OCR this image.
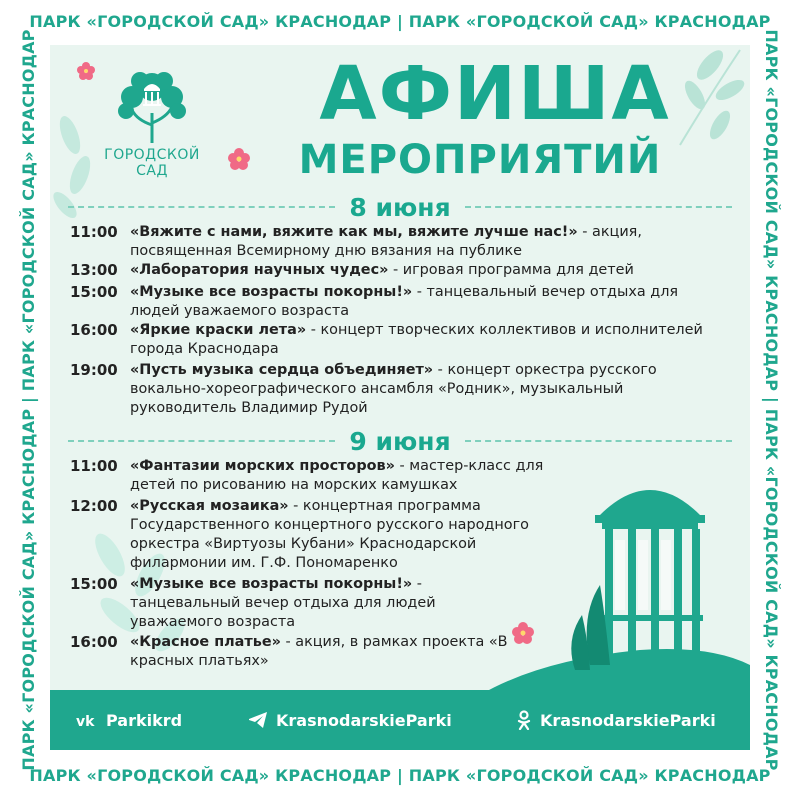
ПАРК «ГОРОДСКОЙ САД» КРАСНОДАР | ПАРК «ГОРОДСКОЙ САД» КРАСНОДАР
ПАРК «ГОРОДСКОЙ САД» КРАСНОДАР | ПАРК «ГОРОДСКОЙ САД» КРАСНОДАР
ПАРК «ГОРОДСКОЙ САД» КРАСНОДАР | ПАРК «ГОРОДСКОЙ САД» КРАСНОДАР	ПАРК «ГОРОДСКОЙ САД» КРАСНОДАР | ПАРК «ГОРОДСКОЙ САД» КРАСНОДАР
ГОРОДСКОЙ
САД
АФИША
МЕРОПРИЯТИЙ
8 июня
11:00 «Вяжите с нами, вяжите как мы, вяжите лучше нас!» - акция, посвященная Всемирному дню вязания на публике
13:00 «Лаборатория научных чудес» - игровая программа для детей
15:00 «Музыке все возрасты покорны!» - танцевальный вечер отдыха для людей уважаемого возраста
16:00 «Яркие краски лета» - концерт творческих коллективов и исполнителей города Краснодара
19:00 «Пусть музыка сердца объединяет» - концерт оркестра русского вокально-хореографического ансамбля «Родник», музыкальный руководитель Владимир Рудой
9 июня
11:00 «Фантазии морских просторов» - мастер-класс для детей по рисованию на морских камушках
12:00 «Русская мозаика» - концертная программа Государственного концертного русского народного оркестра «Виртуозы Кубани» Краснодарской филармонии им. Г.Ф. Пономаренко
15:00 «Музыке все возрасты покорны!» - танцевальный вечер отдыха для людей уважаемого возраста
16:00 «Красное платье» - акция, в рамках проекта «В красных платьях»
vk Parkikrd	KrasnodarskieParki	KrasnodarskieParki
